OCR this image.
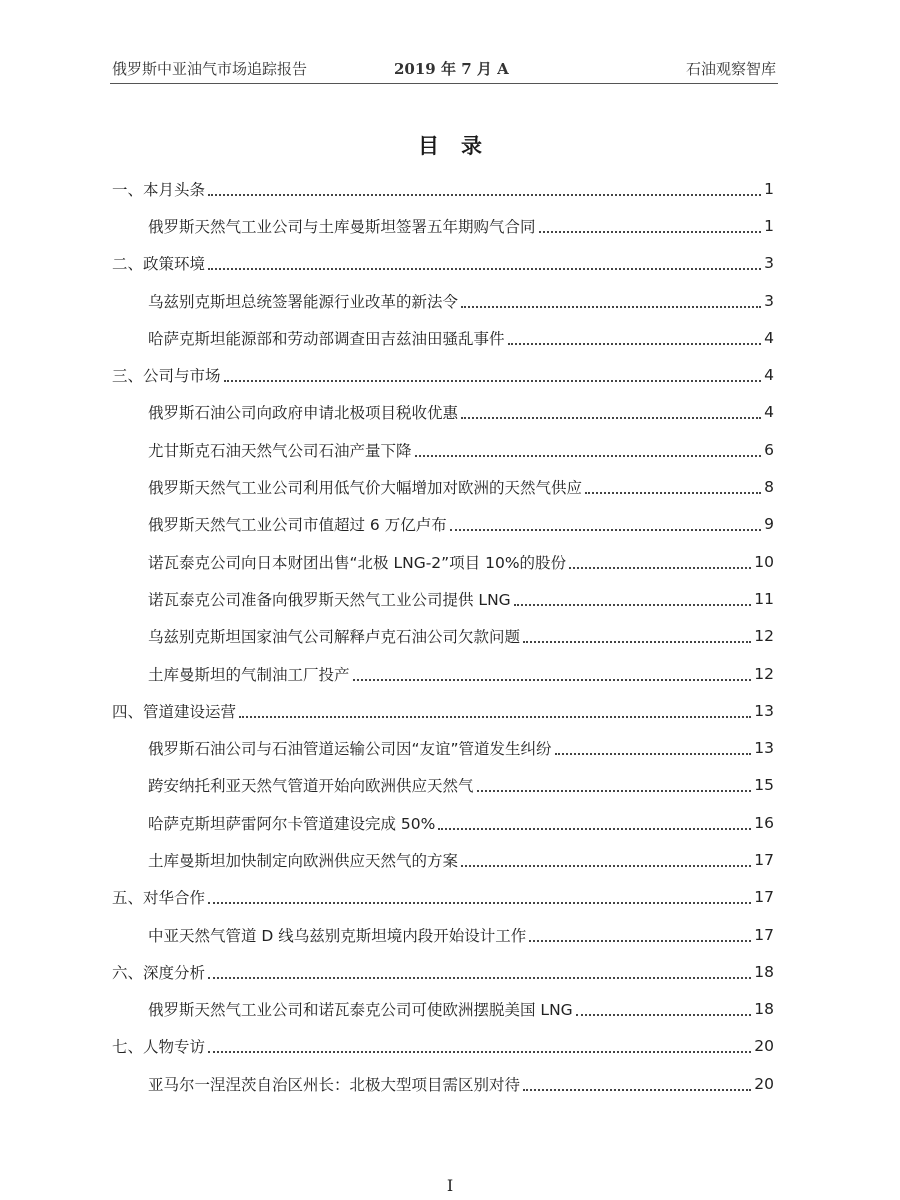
俄罗斯中亚油气市场追踪报告	2019 年 7 月 A	石油观察智库
目录
一、本月头条	1
俄罗斯天然气工业公司与土库曼斯坦签署五年期购气合同	1
二、政策环境	3
乌兹别克斯坦总统签署能源行业改革的新法令	3
哈萨克斯坦能源部和劳动部调查田吉兹油田骚乱事件	4
三、公司与市场	4
俄罗斯石油公司向政府申请北极项目税收优惠	4
尤甘斯克石油天然气公司石油产量下降	6
俄罗斯天然气工业公司利用低气价大幅增加对欧洲的天然气供应	8
俄罗斯天然气工业公司市值超过 6 万亿卢布	9
诺瓦泰克公司向日本财团出售“北极 LNG-2”项目 10%的股份	10
诺瓦泰克公司准备向俄罗斯天然气工业公司提供 LNG	11
乌兹别克斯坦国家油气公司解释卢克石油公司欠款问题	12
土库曼斯坦的气制油工厂投产	12
四、管道建设运营	13
俄罗斯石油公司与石油管道运输公司因“友谊”管道发生纠纷	13
跨安纳托利亚天然气管道开始向欧洲供应天然气	15
哈萨克斯坦萨雷阿尔卡管道建设完成 50%	16
土库曼斯坦加快制定向欧洲供应天然气的方案	17
五、对华合作	17
中亚天然气管道 D 线乌兹别克斯坦境内段开始设计工作	17
六、深度分析	18
俄罗斯天然气工业公司和诺瓦泰克公司可使欧洲摆脱美国 LNG	18
七、人物专访	20
亚马尔一涅涅茨自治区州长：北极大型项目需区别对待	20
I
